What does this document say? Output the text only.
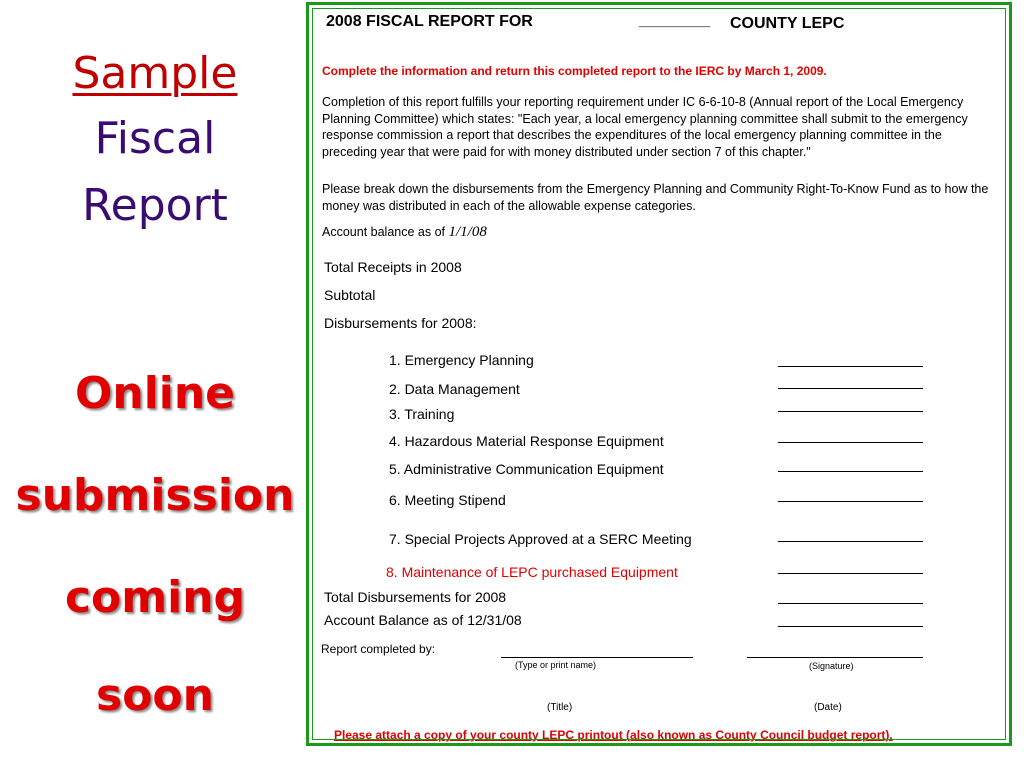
Sample
Fiscal
Report
Online
submission
coming
soon
2008 FISCAL REPORT FOR	________ COUNTY LEPC
Complete the information and return this completed report to the IERC by March 1, 2009.
Completion of this report fulfills your reporting requirement under IC 6-6-10-8 (Annual report of the Local Emergency Planning Committee) which states: "Each year, a local emergency planning committee shall submit to the emergency response commission a report that describes the expenditures of the local emergency planning committee in the preceding year that were paid for with money distributed under section 7 of this chapter."
Please break down the disbursements from the Emergency Planning and Community Right-To-Know Fund as to how the money was distributed in each of the allowable expense categories.
Account balance as of 1/1/08
Total Receipts in 2008
Subtotal
Disbursements for 2008:
1. Emergency Planning
2. Data Management
3. Training
4. Hazardous Material Response Equipment
5. Administrative Communication Equipment
6. Meeting Stipend
7. Special Projects Approved at a SERC Meeting
8. Maintenance of LEPC purchased Equipment
Total Disbursements for 2008
Account Balance as of 12/31/08
Report completed by:
(Type or print name)	(Signature)
(Title)	(Date)
Please attach a copy of your county LEPC printout (also known as County Council budget report).
